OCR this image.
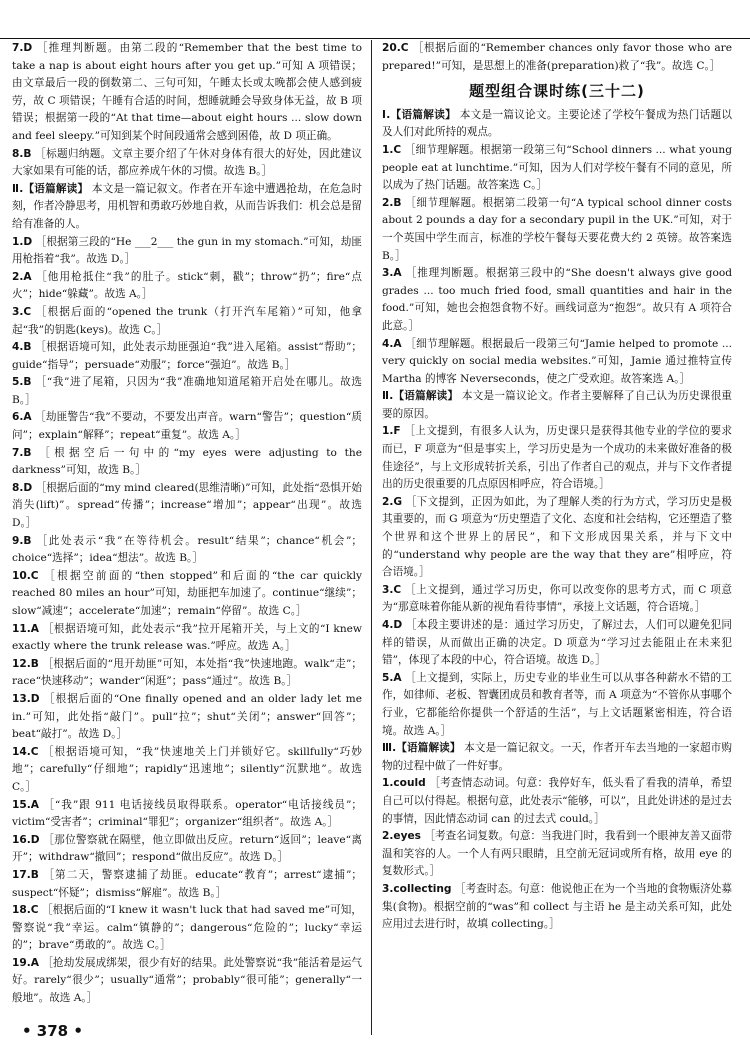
7.D ［推理判断题。由第二段的“Remember that the best time to take a nap is about eight hours after you get up.”可知 A 项错误；由文章最后一段的倒数第二、三句可知，午睡太长或太晚都会使人感到疲劳，故 C 项错误；午睡有合适的时间，想睡就睡会导致身体无益，故 B 项错误；根据第一段的“At that time—about eight hours ... slow down and feel sleepy.”可知到某个时间段通常会感到困倦，故 D 项正确。

8.B ［标题归纳题。文章主要介绍了午休对身体有很大的好处，因此建议大家如果有可能的话，都应养成午休的习惯。故选 B。］

Ⅱ.【语篇解读】 本文是一篇记叙文。作者在开车途中遭遇抢劫，在危急时刻，作者冷静思考，用机智和勇敢巧妙地自救，从而告诉我们：机会总是留给有准备的人。

1.D ［根据第三段的“He ___2___ the gun in my stomach.”可知，劫匪用枪指着“我”。故选 D。］

2.A ［他用枪抵住“我”的肚子。stick“刺，戳”；throw“扔”；fire“点火”；hide“躲藏”。故选 A。］

3.C ［根据后面的“opened the trunk（打开汽车尾箱）”可知，他拿起“我”的钥匙(keys)。故选 C。］

4.B ［根据语境可知，此处表示劫匪强迫“我”进入尾箱。assist“帮助”；guide“指导”；persuade“劝服”；force“强迫”。故选 B。］

5.B ［“我”进了尾箱，只因为“我”准确地知道尾箱开启处在哪儿。故选 B。］

6.A ［劫匪警告“我”不要动，不要发出声音。warn“警告”；question“质问”；explain“解释”；repeat“重复”。故选 A。］

7.B ［根据空后一句中的“my eyes were adjusting to the darkness”可知，故选 B。］

8.D ［根据后面的“my mind cleared(思维清晰)”可知，此处指“恐惧开始消失(lift)”。spread“传播”；increase“增加”；appear“出现”。故选 D。］

9.B ［此处表示“我”在等待机会。result“结果”；chance“机会”；choice“选择”；idea“想法”。故选 B。］

10.C ［根据空前面的“then stopped”和后面的“the car quickly reached 80 miles an hour”可知，劫匪把车加速了。continue“继续”；slow“减速”；accelerate“加速”；remain“停留”。故选 C。］

11.A ［根据语境可知，此处表示“我”拉开尾箱开关，与上文的“I knew exactly where the trunk release was.”呼应。故选 A。］

12.B ［根据后面的“甩开劫匪”可知，本处指“我”快速地跑。walk“走”；race“快速移动”；wander“闲逛”；pass“通过”。故选 B。］

13.D ［根据后面的“One finally opened and an older lady let me in.”可知，此处指“敲门”。pull“拉”；shut“关闭”；answer“回答”；beat“敲打”。故选 D。］

14.C ［根据语境可知，“我”快速地关上门并锁好它。skillfully“巧妙地”；carefully“仔细地”；rapidly“迅速地”；silently“沉默地”。故选 C。］

15.A ［“我”跟 911 电话接线员取得联系。operator“电话接线员”；victim“受害者”；criminal“罪犯”；organizer“组织者”。故选 A。］

16.D ［那位警察就在隔壁，他立即做出反应。return“返回”；leave“离开”；withdraw“撤回”；respond“做出反应”。故选 D。］

17.B ［第二天，警察逮捕了劫匪。educate“教育”；arrest“逮捕”；suspect“怀疑”；dismiss“解雇”。故选 B。］

18.C ［根据后面的“I knew it wasn't luck that had saved me”可知，警察说“我”幸运。calm“镇静的”；dangerous“危险的”；lucky“幸运的”；brave“勇敢的”。故选 C。］

19.A ［抢劫发展成绑架，很少有好的结果。此处警察说“我”能活着是运气好。rarely“很少”；usually“通常”；probably“很可能”；generally“一般地”。故选 A。］

20.C ［根据后面的“Remember chances only favor those who are prepared!”可知，是思想上的准备(preparation)救了“我”。故选 C。］

题型组合课时练(三十二)

Ⅰ.【语篇解读】 本文是一篇议论文。主要论述了学校午餐成为热门话题以及人们对此所持的观点。

1.C ［细节理解题。根据第一段第三句“School dinners ... what young people eat at lunchtime.”可知，因为人们对学校午餐有不同的意见，所以成为了热门话题。故答案选 C。］

2.B ［细节理解题。根据第二段第一句“A typical school dinner costs about 2 pounds a day for a secondary pupil in the UK.”可知，对于一个英国中学生而言，标准的学校午餐每天要花费大约 2 英镑。故答案选 B。］

3.A ［推理判断题。根据第三段中的“She doesn't always give good grades ... too much fried food, small quantities and hair in the food.”可知，她也会抱怨食物不好。画线词意为“抱怨”。故只有 A 项符合此意。］

4.A ［细节理解题。根据最后一段第三句“Jamie helped to promote ... very quickly on social media websites.”可知，Jamie 通过推特宣传 Martha 的博客 Neverseconds，使之广受欢迎。故答案选 A。］

Ⅱ.【语篇解读】 本文是一篇议论文。作者主要解释了自己认为历史课很重要的原因。

1.F ［上文提到，有很多人认为，历史课只是获得其他专业的学位的要求而已，F 项意为“但是事实上，学习历史是为一个成功的未来做好准备的极佳途径”，与上文形成转折关系，引出了作者自己的观点，并与下文作者提出的历史很重要的几点原因相呼应，符合语境。］

2.G ［下文提到，正因为如此，为了理解人类的行为方式，学习历史是极其重要的，而 G 项意为“历史塑造了文化、态度和社会结构，它还塑造了整个世界和这个世界上的居民”，和下文形成因果关系，并与下文中的“understand why people are the way that they are”相呼应，符合语境。］

3.C ［上文提到，通过学习历史，你可以改变你的思考方式，而 C 项意为“那意味着你能从新的视角看待事情”，承接上文话题，符合语境。］

4.D ［本段主要讲述的是：通过学习历史，了解过去，人们可以避免犯同样的错误，从而做出正确的决定。D 项意为“学习过去能阻止在未来犯错”，体现了本段的中心，符合语境。故选 D。］

5.A ［上文提到，实际上，历史专业的毕业生可以从事各种薪水不错的工作，如律师、老板、智囊团成员和教育者等，而 A 项意为“不管你从事哪个行业，它都能给你提供一个舒适的生活”，与上文话题紧密相连，符合语境。故选 A。］

Ⅲ.【语篇解读】 本文是一篇记叙文。一天，作者开车去当地的一家超市购物的过程中做了一件好事。

1.could ［考查情态动词。句意：我停好车，低头看了看我的清单，希望自己可以付得起。根据句意，此处表示“能够，可以”，且此处讲述的是过去的事情，因此情态动词 can 的过去式 could。］

2.eyes ［考查名词复数。句意：当我进门时，我看到一个眼神友善又面带温和笑容的人。一个人有两只眼睛，且空前无冠词或所有格，故用 eye 的复数形式。］

3.collecting ［考查时态。句意：他说他正在为一个当地的食物赈济处募集(食物)。根据空前的“was”和 collect 与主语 he 是主动关系可知，此处应用过去进行时，故填 collecting。］

• 378 •
